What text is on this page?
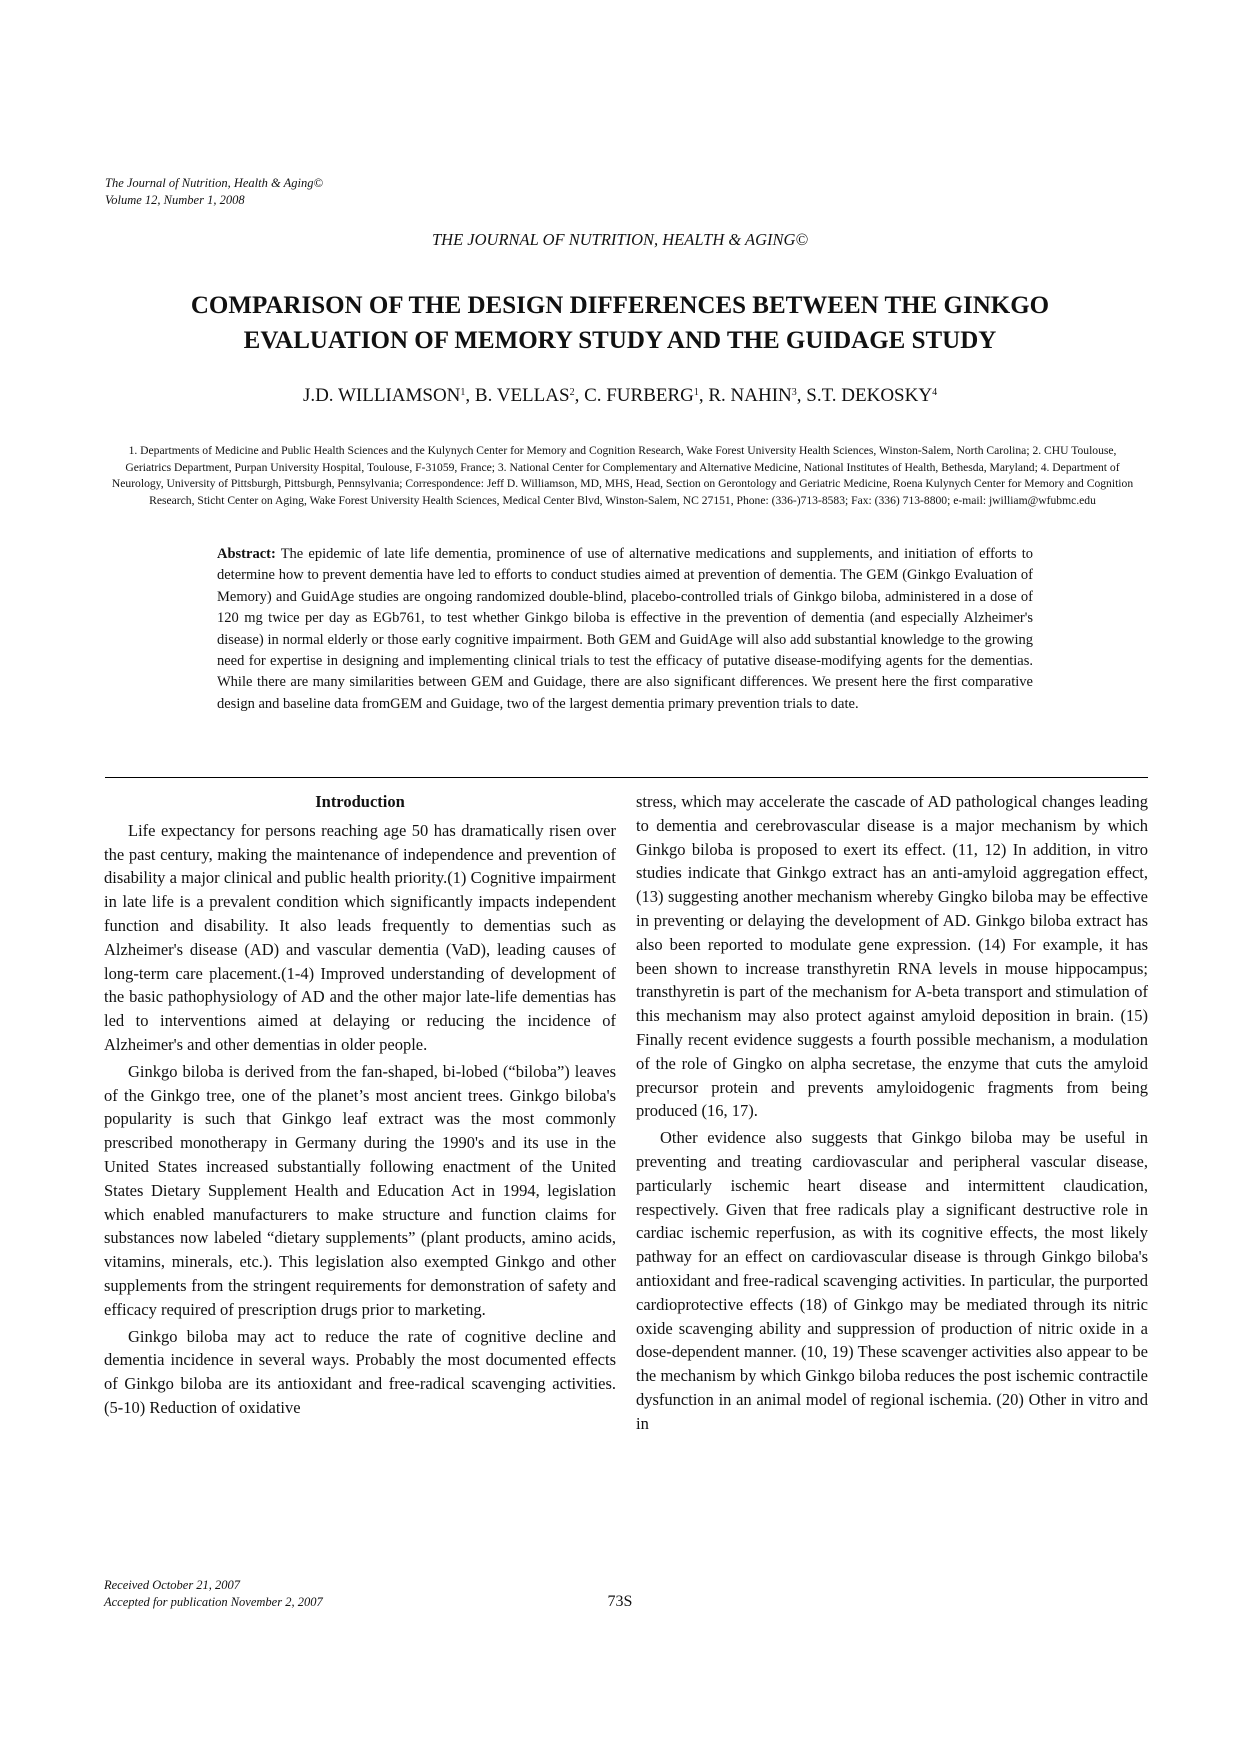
The Journal of Nutrition, Health & Aging©
Volume 12, Number 1, 2008
THE JOURNAL OF NUTRITION, HEALTH & AGING©
COMPARISON OF THE DESIGN DIFFERENCES BETWEEN THE GINKGO
EVALUATION OF MEMORY STUDY AND THE GUIDAGE STUDY
J.D. WILLIAMSON$^1$, B. VELLAS$^2$, C. FURBERG$^1$, R. NAHIN$^3$, S.T. DEKOSKY$^4$
1. Departments of Medicine and Public Health Sciences and the Kulynych Center for Memory and Cognition Research, Wake Forest University Health Sciences, Winston-Salem, North Carolina; 2. CHU Toulouse, Geriatrics Department, Purpan University Hospital, Toulouse, F-31059, France; 3. National Center for Complementary and Alternative Medicine, National Institutes of Health, Bethesda, Maryland; 4. Department of Neurology, University of Pittsburgh, Pittsburgh, Pennsylvania; Correspondence: Jeff D. Williamson, MD, MHS, Head, Section on Gerontology and Geriatric Medicine, Roena Kulynych Center for Memory and Cognition Research, Sticht Center on Aging, Wake Forest University Health Sciences, Medical Center Blvd, Winston-Salem, NC 27151, Phone: (336-)713-8583; Fax: (336) 713-8800; e-mail: jwilliam@wfubmc.edu
Abstract: The epidemic of late life dementia, prominence of use of alternative medications and supplements, and initiation of efforts to determine how to prevent dementia have led to efforts to conduct studies aimed at prevention of dementia. The GEM (Ginkgo Evaluation of Memory) and GuidAge studies are ongoing randomized double-blind, placebo-controlled trials of Ginkgo biloba, administered in a dose of 120 mg twice per day as EGb761, to test whether Ginkgo biloba is effective in the prevention of dementia (and especially Alzheimer's disease) in normal elderly or those early cognitive impairment. Both GEM and GuidAge will also add substantial knowledge to the growing need for expertise in designing and implementing clinical trials to test the efficacy of putative disease-modifying agents for the dementias. While there are many similarities between GEM and Guidage, there are also significant differences. We present here the first comparative design and baseline data fromGEM and Guidage, two of the largest dementia primary prevention trials to date.
Introduction

Life expectancy for persons reaching age 50 has dramatically risen over the past century, making the maintenance of independence and prevention of disability a major clinical and public health priority.(1) Cognitive impairment in late life is a prevalent condition which significantly impacts independent function and disability. It also leads frequently to dementias such as Alzheimer's disease (AD) and vascular dementia (VaD), leading causes of long-term care placement.(1-4) Improved understanding of development of the basic pathophysiology of AD and the other major late-life dementias has led to interventions aimed at delaying or reducing the incidence of Alzheimer's and other dementias in older people.

Ginkgo biloba is derived from the fan-shaped, bi-lobed (“biloba”) leaves of the Ginkgo tree, one of the planet’s most ancient trees. Ginkgo biloba's popularity is such that Ginkgo leaf extract was the most commonly prescribed monotherapy in Germany during the 1990's and its use in the United States increased substantially following enactment of the United States Dietary Supplement Health and Education Act in 1994, legislation which enabled manufacturers to make structure and function claims for substances now labeled “dietary supplements” (plant products, amino acids, vitamins, minerals, etc.). This legislation also exempted Ginkgo and other supplements from the stringent requirements for demonstration of safety and efficacy required of prescription drugs prior to marketing.

Ginkgo biloba may act to reduce the rate of cognitive decline and dementia incidence in several ways. Probably the most documented effects of Ginkgo biloba are its antioxidant and free-radical scavenging activities. (5-10) Reduction of oxidative

stress, which may accelerate the cascade of AD pathological changes leading to dementia and cerebrovascular disease is a major mechanism by which Ginkgo biloba is proposed to exert its effect. (11, 12) In addition, in vitro studies indicate that Ginkgo extract has an anti-amyloid aggregation effect, (13) suggesting another mechanism whereby Gingko biloba may be effective in preventing or delaying the development of AD. Ginkgo biloba extract has also been reported to modulate gene expression. (14) For example, it has been shown to increase transthyretin RNA levels in mouse hippocampus; transthyretin is part of the mechanism for A-beta transport and stimulation of this mechanism may also protect against amyloid deposition in brain. (15) Finally recent evidence suggests a fourth possible mechanism, a modulation of the role of Gingko on alpha secretase, the enzyme that cuts the amyloid precursor protein and prevents amyloidogenic fragments from being produced (16, 17).

Other evidence also suggests that Ginkgo biloba may be useful in preventing and treating cardiovascular and peripheral vascular disease, particularly ischemic heart disease and intermittent claudication, respectively. Given that free radicals play a significant destructive role in cardiac ischemic reperfusion, as with its cognitive effects, the most likely pathway for an effect on cardiovascular disease is through Ginkgo biloba's antioxidant and free-radical scavenging activities. In particular, the purported cardioprotective effects (18) of Ginkgo may be mediated through its nitric oxide scavenging ability and suppression of production of nitric oxide in a dose-dependent manner. (10, 19) These scavenger activities also appear to be the mechanism by which Ginkgo biloba reduces the post ischemic contractile dysfunction in an animal model of regional ischemia. (20) Other in vitro and in

Received October 21, 2007
Accepted for publication November 2, 2007	73S
